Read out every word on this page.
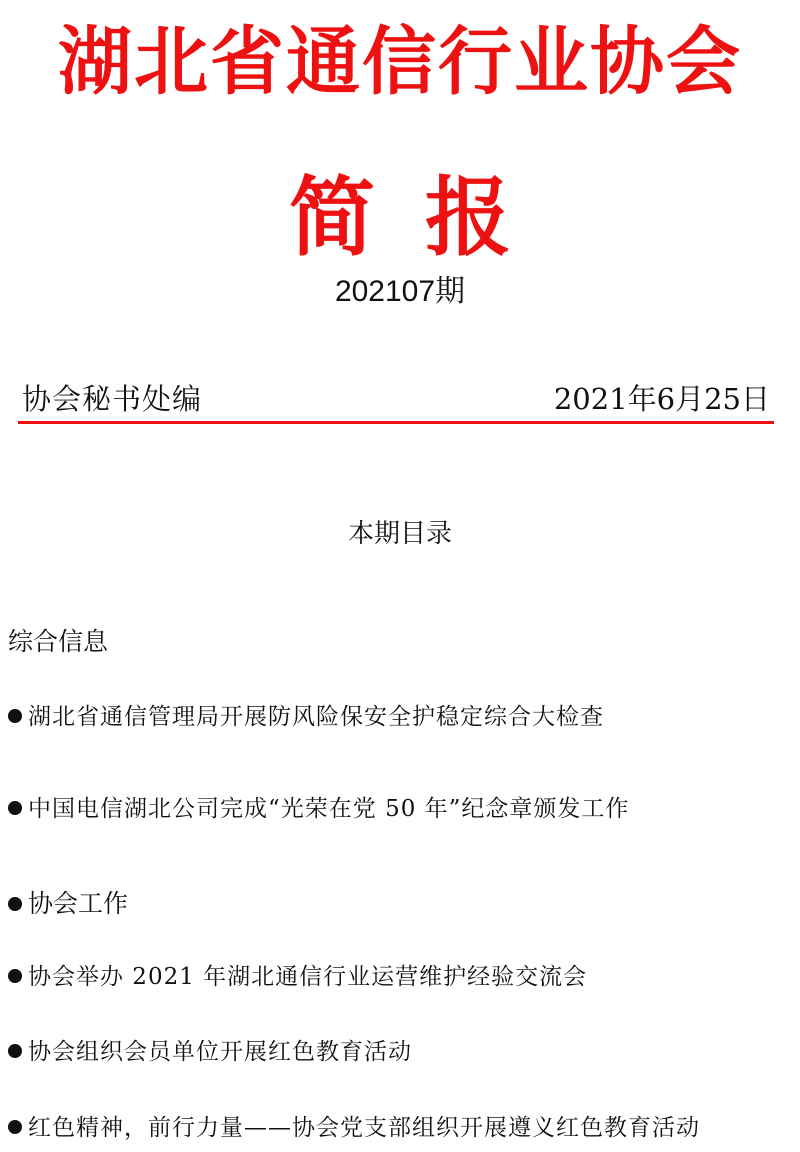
湖北省通信行业协会
简报
202107期
协会秘书处编	2021年6月25日
本期目录
综合信息
湖北省通信管理局开展防风险保安全护稳定综合大检查
中国电信湖北公司完成“光荣在党 50 年”纪念章颁发工作
协会工作
协会举办 2021 年湖北通信行业运营维护经验交流会
协会组织会员单位开展红色教育活动
红色精神，前行力量——协会党支部组织开展遵义红色教育活动
